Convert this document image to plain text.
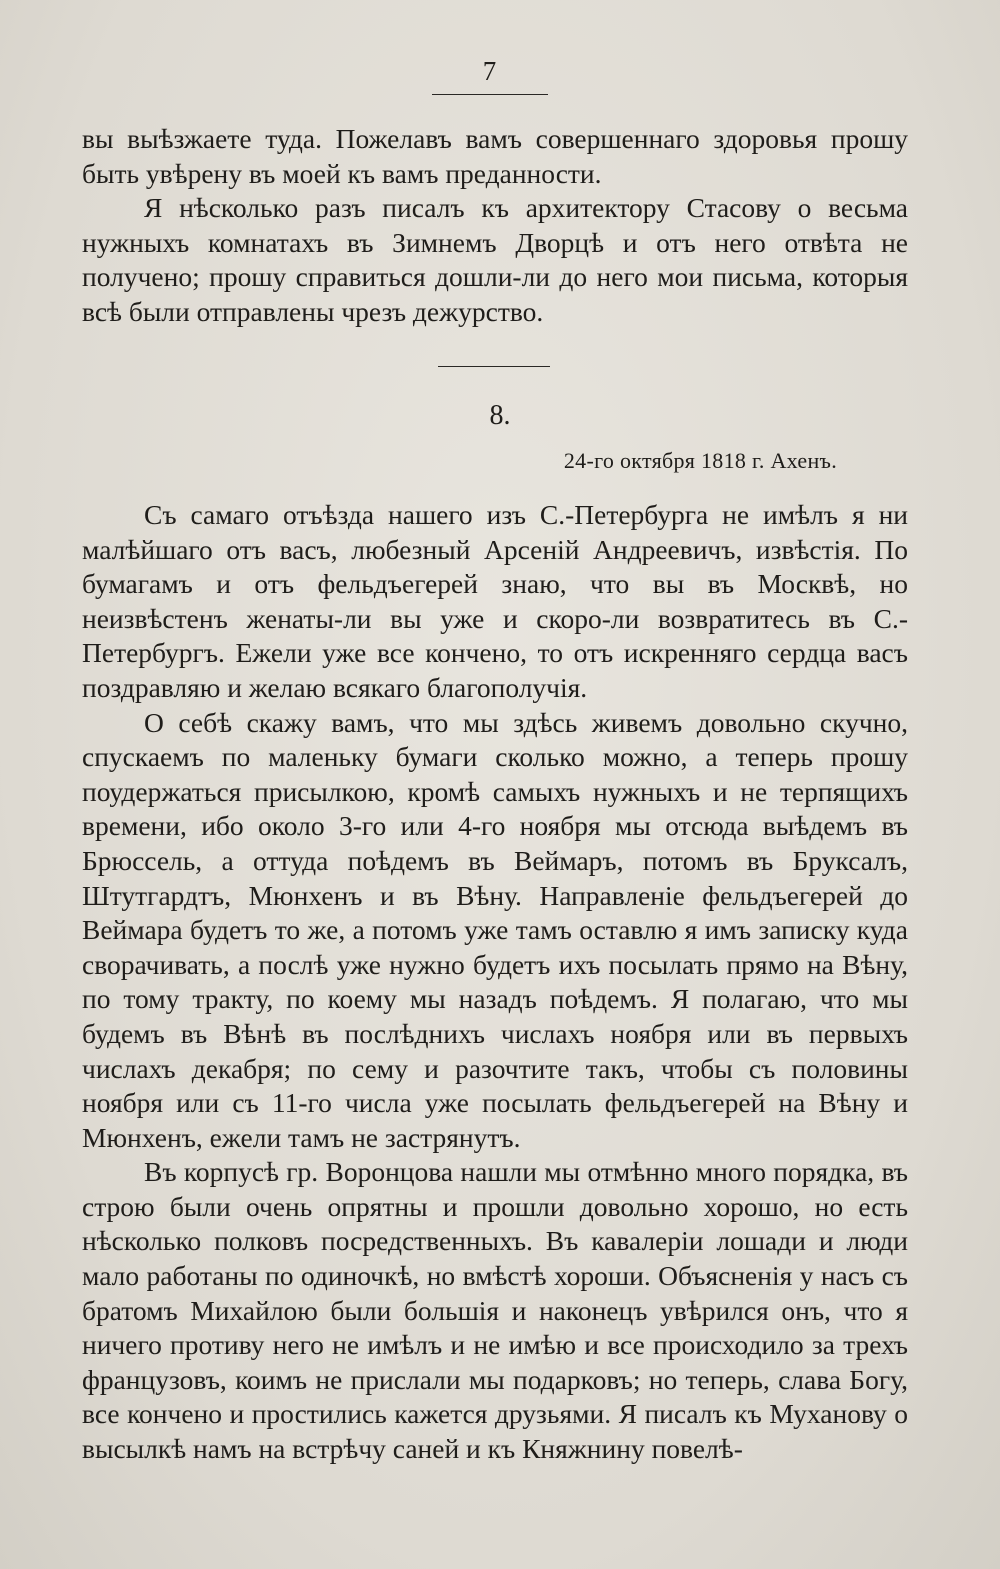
7

вы выѣзжаете туда. Пожелавъ вамъ совершеннаго здоровья прошу быть увѣрену въ моей къ вамъ преданности.

Я нѣсколько разъ писалъ къ архитектору Стасову о весьма нужныхъ комнатахъ въ Зимнемъ Дворцѣ и отъ него отвѣта не получено; прошу справиться дошли-ли до него мои письма, которыя всѣ были отправлены чрезъ дежурство.

8.
24-го октября 1818 г. Ахенъ.

Съ самаго отъѣзда нашего изъ С.-Петербурга не имѣлъ я ни малѣйшаго отъ васъ, любезный Арсеній Андреевичъ, извѣстія. По бумагамъ и отъ фельдъегерей знаю, что вы въ Москвѣ, но неизвѣстенъ женаты-ли вы уже и скоро-ли возвратитесь въ С.-Петербургъ. Ежели уже все кончено, то отъ искренняго сердца васъ поздравляю и желаю всякаго благополучія.

О себѣ скажу вамъ, что мы здѣсь живемъ довольно скучно, спускаемъ по маленьку бумаги сколько можно, а теперь прошу поудержаться присылкою, кромѣ самыхъ нужныхъ и не терпящихъ времени, ибо около 3-го или 4-го ноября мы отсюда выѣдемъ въ Брюссель, а оттуда поѣдемъ въ Веймаръ, потомъ въ Бруксалъ, Штутгардтъ, Мюнхенъ и въ Вѣну. Направленіе фельдъегерей до Веймара будетъ то же, а потомъ уже тамъ оставлю я имъ записку куда сворачивать, а послѣ уже нужно будетъ ихъ посылать прямо на Вѣну, по тому тракту, по коему мы назадъ поѣдемъ. Я полагаю, что мы будемъ въ Вѣнѣ въ послѣднихъ числахъ ноября или въ первыхъ числахъ декабря; по сему и разочтите такъ, чтобы съ половины ноября или съ 11-го числа уже посылать фельдъегерей на Вѣну и Мюнхенъ, ежели тамъ не застрянутъ.

Въ корпусѣ гр. Воронцова нашли мы отмѣнно много порядка, въ строю были очень опрятны и прошли довольно хорошо, но есть нѣсколько полковъ посредственныхъ. Въ кавалеріи лошади и люди мало работаны по одиночкѣ, но вмѣстѣ хороши. Объясненія у насъ съ братомъ Михайлою были большія и наконецъ увѣрился онъ, что я ничего противу него не имѣлъ и не имѣю и все происходило за трехъ французовъ, коимъ не прислали мы подарковъ; но теперь, слава Богу, все кончено и простились кажется друзьями. Я писалъ къ Муханову о высылкѣ намъ на встрѣчу саней и къ Княжнину повелѣ-
